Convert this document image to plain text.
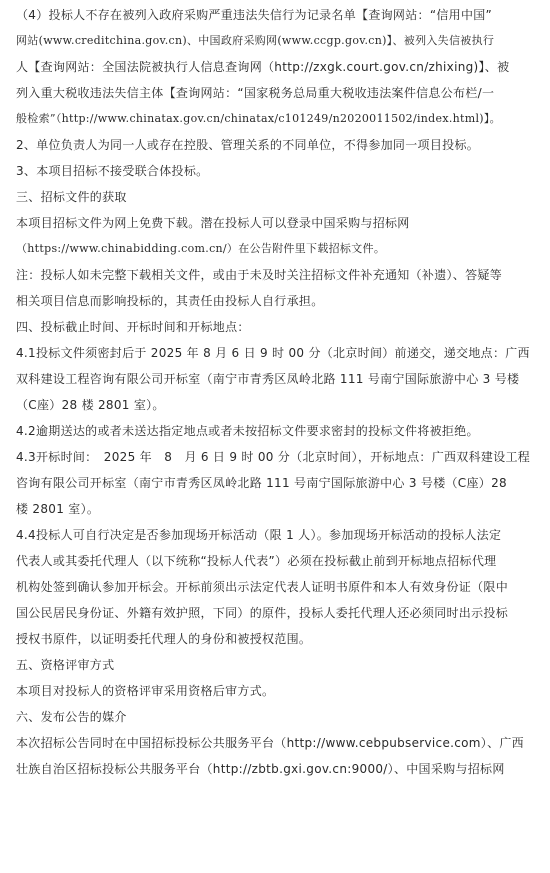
（4）投标人不存在被列入政府采购严重违法失信行为记录名单【查询网站：“信用中国”
网站(www.creditchina.gov.cn)、中国政府采购网(www.ccgp.gov.cn)】、被列入失信被执行
人【查询网站：全国法院被执行人信息查询网（http://zxgk.court.gov.cn/zhixing)】、被
列入重大税收违法失信主体【查询网站：“国家税务总局重大税收违法案件信息公布栏/一
般检索”（http://www.chinatax.gov.cn/chinatax/c101249/n2020011502/index.html)】。
2、单位负责人为同一人或存在控股、管理关系的不同单位，不得参加同一项目投标。
3、本项目招标不接受联合体投标。
三、招标文件的获取
本项目招标文件为网上免费下载。潜在投标人可以登录中国采购与招标网
（https://www.chinabidding.com.cn/）在公告附件里下载招标文件。
注：投标人如未完整下载相关文件，或由于未及时关注招标文件补充通知（补遗）、答疑等
相关项目信息而影响投标的，其责任由投标人自行承担。
四、投标截止时间、开标时间和开标地点：
4.1投标文件须密封后于 2025 年 8 月 6 日 9 时 00 分（北京时间）前递交，递交地点：广西
双科建设工程咨询有限公司开标室（南宁市青秀区凤岭北路 111 号南宁国际旅游中心 3 号楼
（C座）28 楼 2801 室）。
4.2逾期送达的或者未送达指定地点或者未按招标文件要求密封的投标文件将被拒绝。
4.3开标时间：　2025 年　8　月 6 日 9 时 00 分（北京时间），开标地点：广西双科建设工程
咨询有限公司开标室（南宁市青秀区凤岭北路 111 号南宁国际旅游中心 3 号楼（C座）28
楼 2801 室）。
4.4投标人可自行决定是否参加现场开标活动（限 1 人）。参加现场开标活动的投标人法定
代表人或其委托代理人（以下统称“投标人代表”）必须在投标截止前到开标地点招标代理
机构处签到确认参加开标会。开标前须出示法定代表人证明书原件和本人有效身份证（限中
国公民居民身份证、外籍有效护照，下同）的原件，投标人委托代理人还必须同时出示投标
授权书原件，以证明委托代理人的身份和被授权范围。
五、资格评审方式
本项目对投标人的资格评审采用资格后审方式。
六、发布公告的媒介
本次招标公告同时在中国招标投标公共服务平台（http://www.cebpubservice.com）、广西
壮族自治区招标投标公共服务平台（http://zbtb.gxi.gov.cn:9000/）、中国采购与招标网
